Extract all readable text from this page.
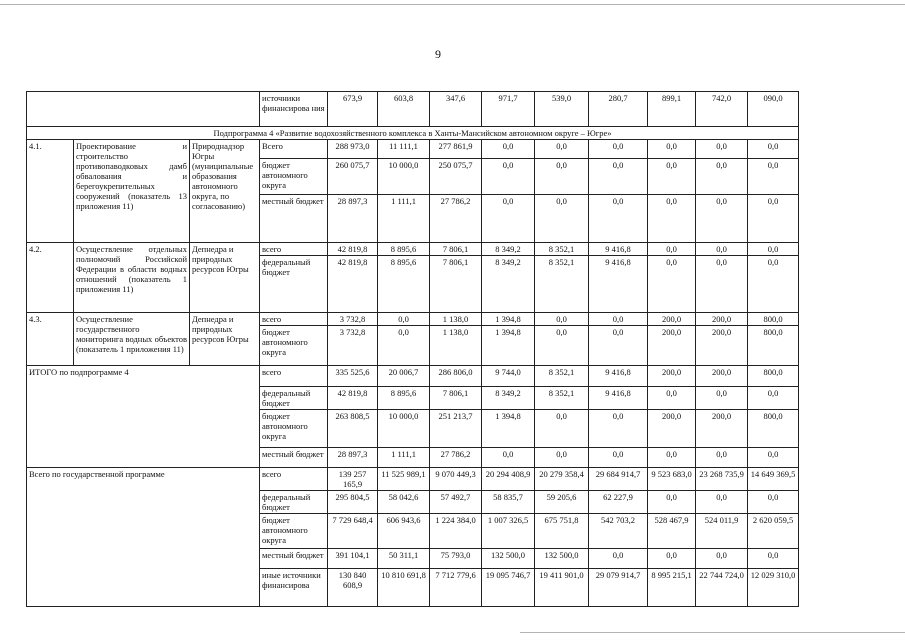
9
			источники финансирова ния	673,9	603,8	347,6	971,7	539,0	280,7	899,1	742,0	090,0
Подпрограмма 4 «Развитие водохозяйственного комплекса в Ханты-Мансийском автономном округе – Югре»												
4.1.	Проектирование и строительство противопаводковых дамб обвалования и берегоукрепительных сооружений (показатель 13 приложения 11)	Природнадзор Югры (муниципальные образования автономного округа, по согласованию)	Всего	288 973,0	11 111,1	277 861,9	0,0	0,0	0,0	0,0	0,0	0,0
			бюджет автономного округа	260 075,7	10 000,0	250 075,7	0,0	0,0	0,0	0,0	0,0	0,0
			местный бюджет	28 897,3	1 111,1	27 786,2	0,0	0,0	0,0	0,0	0,0	0,0
4.2.	Осуществление отдельных полномочий Российской Федерации в области водных отношений (показатель 1 приложения 11)	Депнедра и природных ресурсов Югры	всего	42 819,8	8 895,6	7 806,1	8 349,2	8 352,1	9 416,8	0,0	0,0	0,0
			федеральный бюджет	42 819,8	8 895,6	7 806,1	8 349,2	8 352,1	9 416,8	0,0	0,0	0,0
4.3.	Осуществление государственного мониторинга водных объектов (показатель 1 приложения 11)	Депнедра и природных ресурсов Югры	всего	3 732,8	0,0	1 138,0	1 394,8	0,0	0,0	200,0	200,0	800,0
			бюджет автономного округа	3 732,8	0,0	1 138,0	1 394,8	0,0	0,0	200,0	200,0	800,0
ИТОГО по подпрограмме 4			всего	335 525,6	20 006,7	286 806,0	9 744,0	8 352,1	9 416,8	200,0	200,0	800,0
			федеральный бюджет	42 819,8	8 895,6	7 806,1	8 349,2	8 352,1	9 416,8	0,0	0,0	0,0
			бюджет автономного округа	263 808,5	10 000,0	251 213,7	1 394,8	0,0	0,0	200,0	200,0	800,0
			местный бюджет	28 897,3	1 111,1	27 786,2	0,0	0,0	0,0	0,0	0,0	0,0
Всего по государственной программе			всего	139 257 165,9	11 525 989,1	9 070 449,3	20 294 408,9	20 279 358,4	29 684 914,7	9 523 683,0	23 268 735,9	14 649 369,5
			федеральный бюджет	295 804,5	58 042,6	57 492,7	58 835,7	59 205,6	62 227,9	0,0	0,0	0,0
			бюджет автономного округа	7 729 648,4	606 943,6	1 224 384,0	1 007 326,5	675 751,8	542 703,2	528 467,9	524 011,9	2 620 059,5
			местный бюджет	391 104,1	50 311,1	75 793,0	132 500,0	132 500,0	0,0	0,0	0,0	0,0
			иные источники финансирова	130 840 608,9	10 810 691,8	7 712 779,6	19 095 746,7	19 411 901,0	29 079 914,7	8 995 215,1	22 744 724,0	12 029 310,0
